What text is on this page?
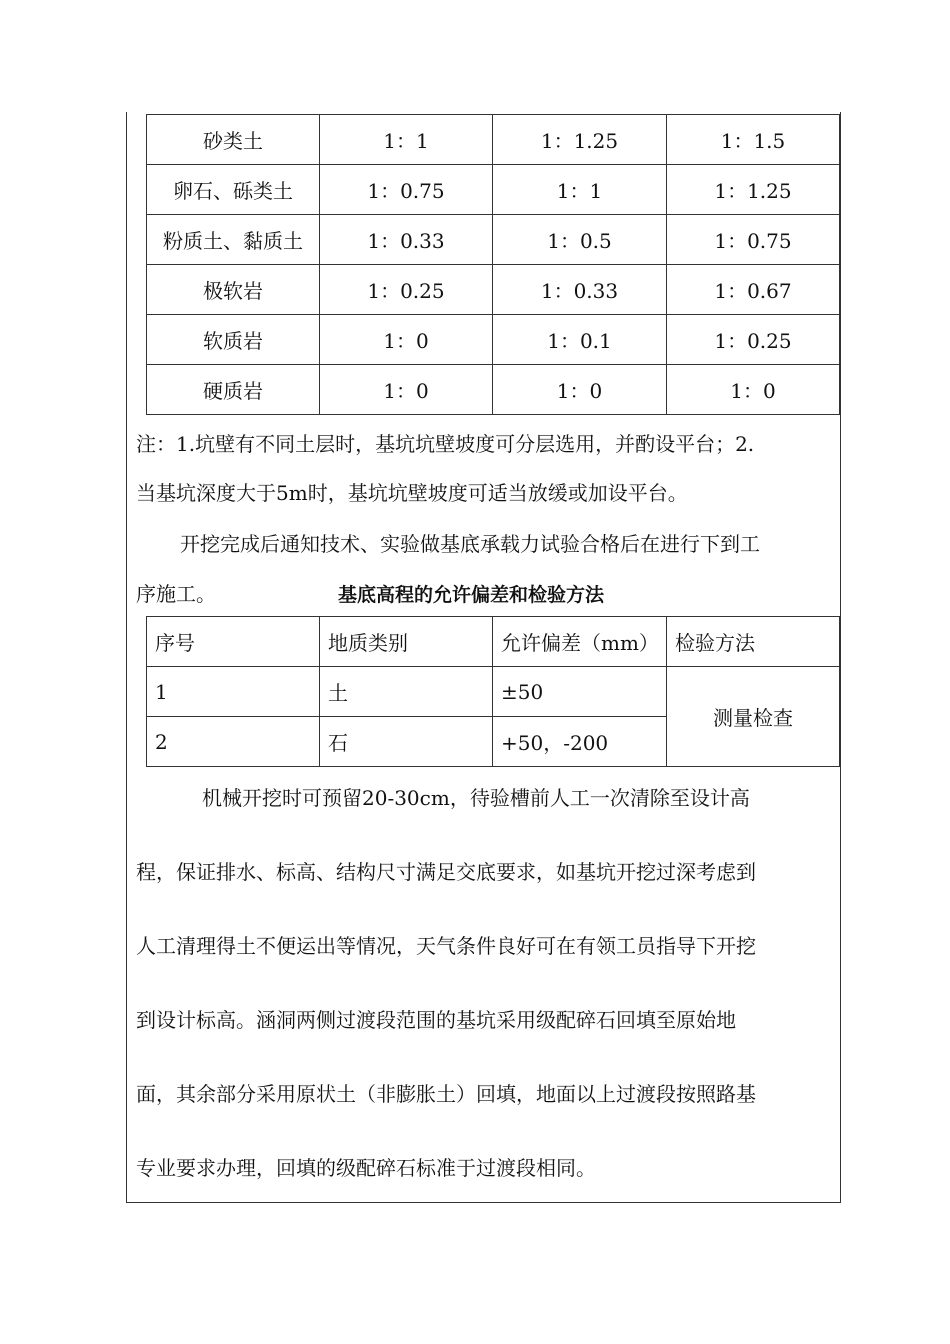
砂类土	1：1	1：1.25	1：1.5
卵石、砾类土	1：0.75	1：1	1：1.25
粉质土、黏质土	1：0.33	1：0.5	1：0.75
极软岩	1：0.25	1：0.33	1：0.67
软质岩	1：0	1：0.1	1：0.25
硬质岩	1：0	1：0	1：0
注：1.坑壁有不同土层时，基坑坑壁坡度可分层选用，并酌设平台；2.
当基坑深度大于5m时，基坑坑壁坡度可适当放缓或加设平台。
开挖完成后通知技术、实验做基底承载力试验合格后在进行下到工
序施工。	基底高程的允许偏差和检验方法
序号	地质类别	允许偏差（mm）	检验方法
1	土	±50	测量检查
2	石	+50，-200	
机械开挖时可预留20-30cm，待验槽前人工一次清除至设计高
程，保证排水、标高、结构尺寸满足交底要求，如基坑开挖过深考虑到
人工清理得土不便运出等情况，天气条件良好可在有领工员指导下开挖
到设计标高。涵洞两侧过渡段范围的基坑采用级配碎石回填至原始地
面，其余部分采用原状土（非膨胀土）回填，地面以上过渡段按照路基
专业要求办理，回填的级配碎石标准于过渡段相同。
